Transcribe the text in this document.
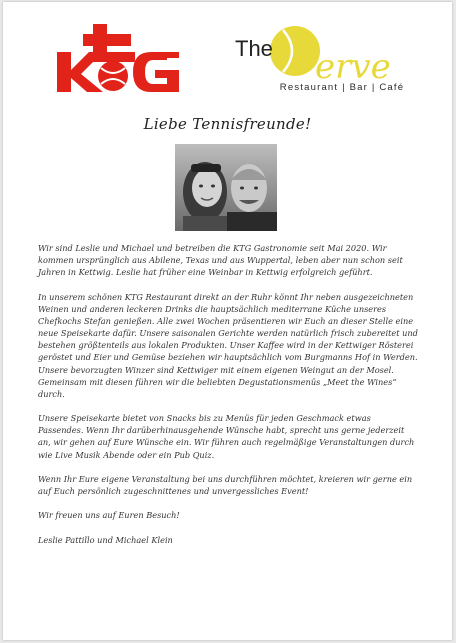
The erve
Restaurant | Bar | Café
Liebe Tennisfreunde!

Wir sind Leslie und Michael und betreiben die KTG Gastronomie seit Mai 2020. Wir kommen ursprünglich aus Abilene, Texas und aus Wuppertal, leben aber nun schon seit Jahren in Kettwig. Leslie hat früher eine Weinbar in Kettwig erfolgreich geführt.

In unserem schönen KTG Restaurant direkt an der Ruhr könnt Ihr neben ausgezeichneten Weinen und anderen leckeren Drinks die hauptsächlich mediterrane Küche unseres Chefkochs Stefan genießen. Alle zwei Wochen präsentieren wir Euch an dieser Stelle eine neue Speisekarte dafür. Unsere saisonalen Gerichte werden natürlich frisch zubereitet und bestehen größtenteils aus lokalen Produkten. Unser Kaffee wird in der Kettwiger Rösterei geröstet und Eier und Gemüse beziehen wir hauptsächlich vom Burgmanns Hof in Werden. Unsere bevorzugten Winzer sind Kettwiger mit einem eigenen Weingut an der Mosel. Gemeinsam mit diesen führen wir die beliebten Degustationsmenüs „Meet the Wines“ durch.

Unsere Speisekarte bietet von Snacks bis zu Menüs für jeden Geschmack etwas Passendes. Wenn Ihr darüberhinausgehende Wünsche habt, sprecht uns gerne jederzeit an, wir gehen auf Eure Wünsche ein. Wir führen auch regelmäßige Veranstaltungen durch wie Live Musik Abende oder ein Pub Quiz.

Wenn Ihr Eure eigene Veranstaltung bei uns durchführen möchtet, kreieren wir gerne ein auf Euch persönlich zugeschnittenes und unvergessliches Event!

Wir freuen uns auf Euren Besuch!

Leslie Pattillo und Michael Klein
